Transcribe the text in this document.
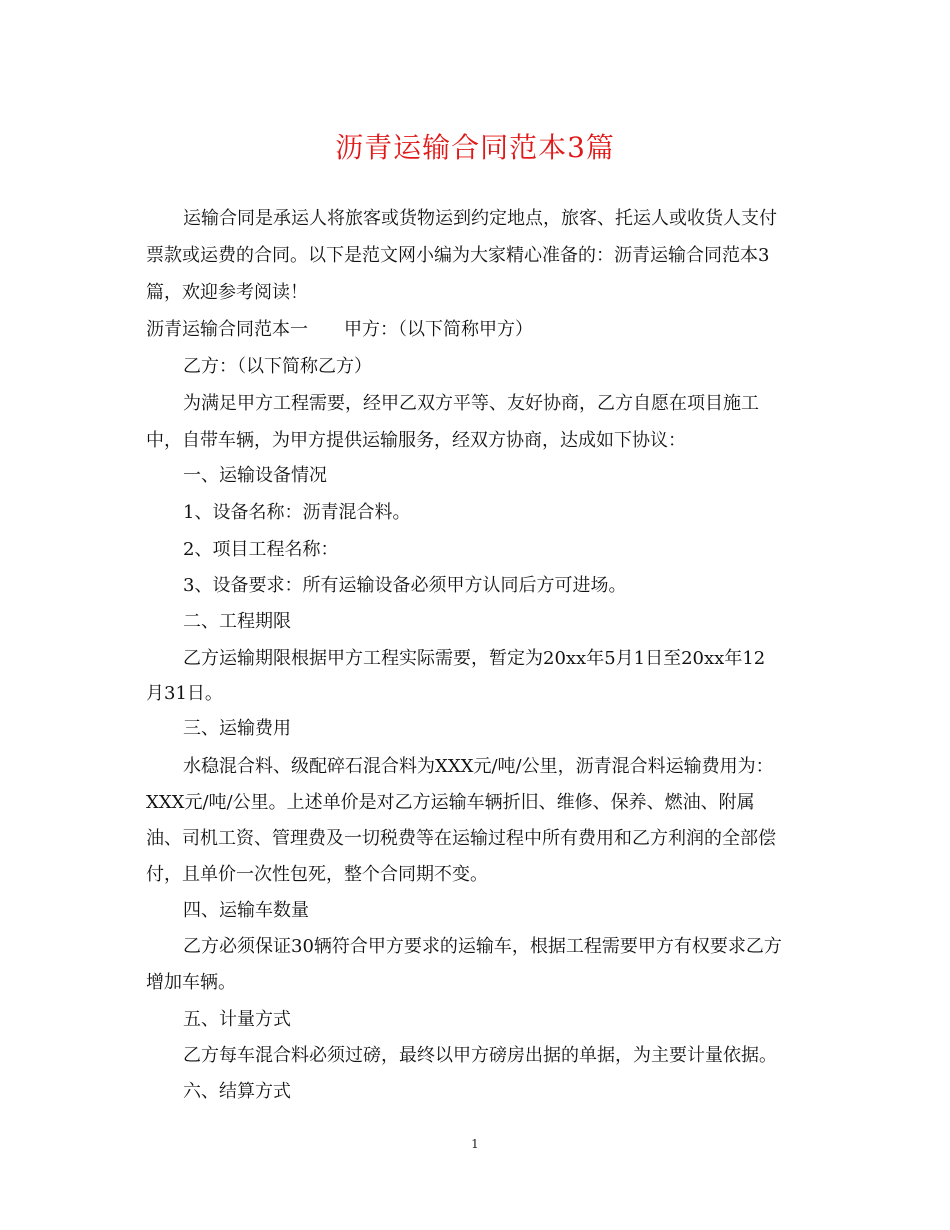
沥青运输合同范本3篇
运输合同是承运人将旅客或货物运到约定地点，旅客、托运人或收货人支付
票款或运费的合同。以下是范文网小编为大家精心准备的：沥青运输合同范本3
篇，欢迎参考阅读！
沥青运输合同范本一　　甲方：（以下简称甲方）
乙方：（以下简称乙方）
为满足甲方工程需要，经甲乙双方平等、友好协商，乙方自愿在项目施工
中，自带车辆，为甲方提供运输服务，经双方协商，达成如下协议：
一、运输设备情况
1、设备名称：沥青混合料。
2、项目工程名称：
3、设备要求：所有运输设备必须甲方认同后方可进场。
二、工程期限
乙方运输期限根据甲方工程实际需要，暂定为20xx年5月1日至20xx年12
月31日。
三、运输费用
水稳混合料、级配碎石混合料为XXX元/吨/公里，沥青混合料运输费用为：
XXX元/吨/公里。上述单价是对乙方运输车辆折旧、维修、保养、燃油、附属
油、司机工资、管理费及一切税费等在运输过程中所有费用和乙方利润的全部偿
付，且单价一次性包死，整个合同期不变。
四、运输车数量
乙方必须保证30辆符合甲方要求的运输车，根据工程需要甲方有权要求乙方
增加车辆。
五、计量方式
乙方每车混合料必须过磅，最终以甲方磅房出据的单据，为主要计量依据。
六、结算方式
1
